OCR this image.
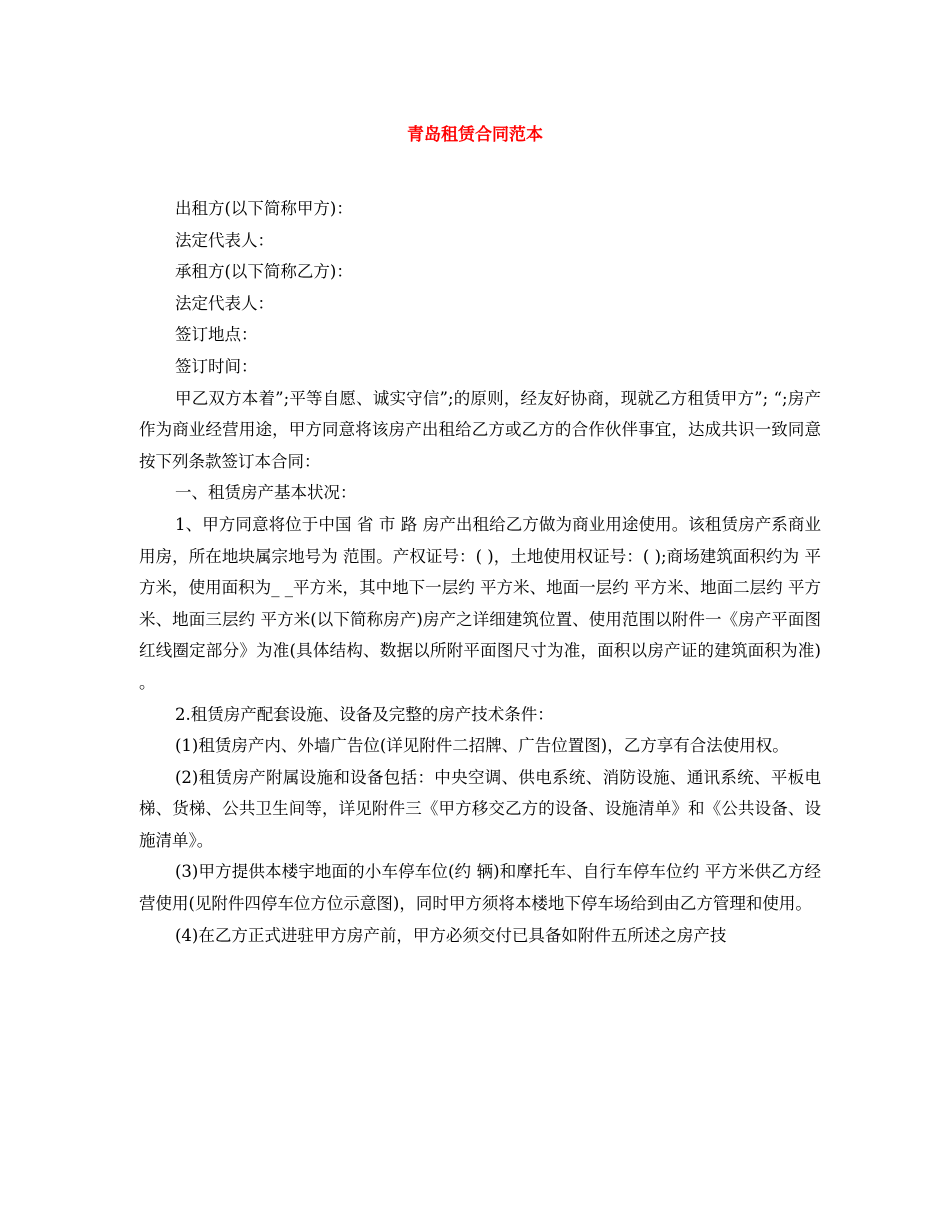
青岛租赁合同范本

出租方(以下简称甲方)：

法定代表人：

承租方(以下简称乙方)：

法定代表人：

签订地点：

签订时间：

甲乙双方本着”;平等自愿、诚实守信”;的原则，经友好协商，现就乙方租赁甲方”; “;房产作为商业经营用途，甲方同意将该房产出租给乙方或乙方的合作伙伴事宜，达成共识一致同意按下列条款签订本合同：

一、租赁房产基本状况：

1、甲方同意将位于中国 省 市 路 房产出租给乙方做为商业用途使用。该租赁房产系商业用房，所在地块属宗地号为 范围。产权证号：( )，土地使用权证号：( );商场建筑面积约为 平方米，使用面积为_ _平方米，其中地下一层约 平方米、地面一层约 平方米、地面二层约 平方米、地面三层约 平方米(以下简称房产)房产之详细建筑位置、使用范围以附件一《房产平面图红线圈定部分》为准(具体结构、数据以所附平面图尺寸为准，面积以房产证的建筑面积为准)。

2.租赁房产配套设施、设备及完整的房产技术条件：

(1)租赁房产内、外墙广告位(详见附件二招牌、广告位置图)，乙方享有合法使用权。

(2)租赁房产附属设施和设备包括：中央空调、供电系统、消防设施、通讯系统、平板电梯、货梯、公共卫生间等，详见附件三《甲方移交乙方的设备、设施清单》和《公共设备、设施清单》。

(3)甲方提供本楼宇地面的小车停车位(约 辆)和摩托车、自行车停车位约 平方米供乙方经营使用(见附件四停车位方位示意图)，同时甲方须将本楼地下停车场给到由乙方管理和使用。

(4)在乙方正式进驻甲方房产前，甲方必须交付已具备如附件五所述之房产技
